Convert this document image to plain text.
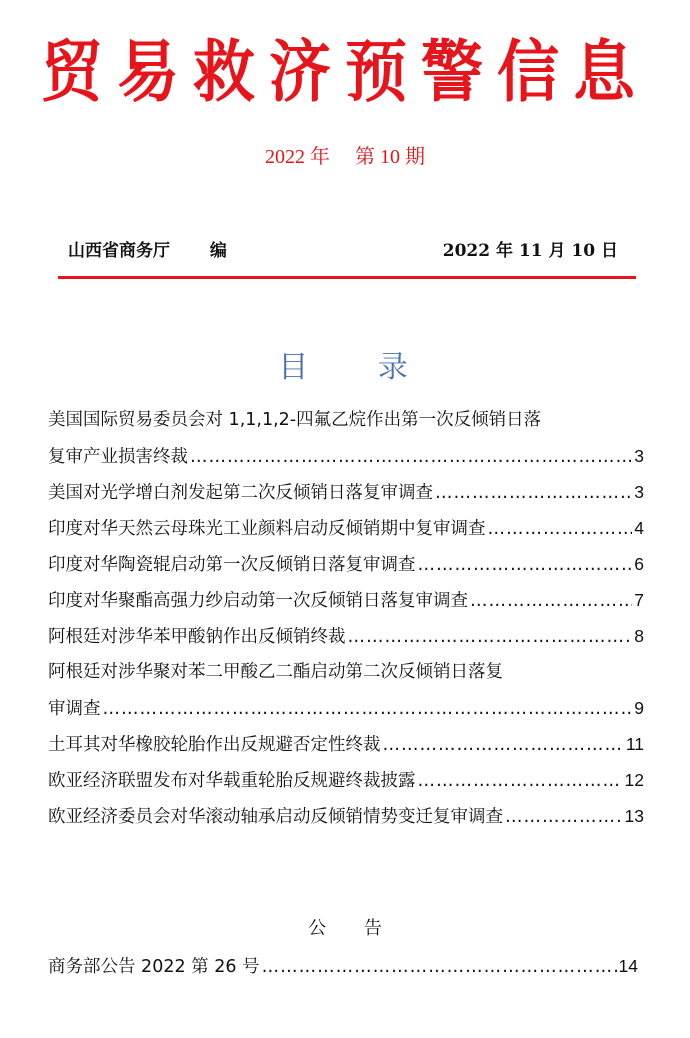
贸易救济预警信息
2022 年 第 10 期
山西省商务厅 编	2022 年 11 月 10 日
目 录
美国国际贸易委员会对 1,1,1,2-四氟乙烷作出第一次反倾销日落
复审产业损害终裁 ……………………………………………………………………………………………………………………………………………………	3
美国对光学增白剂发起第二次反倾销日落复审调查 ……………………………………………………………………………………………………………………………………………………	3
印度对华天然云母珠光工业颜料启动反倾销期中复审调查 ……………………………………………………………………………………………………………………………………………………	4
印度对华陶瓷辊启动第一次反倾销日落复审调查 ……………………………………………………………………………………………………………………………………………………	6
印度对华聚酯高强力纱启动第一次反倾销日落复审调查 ……………………………………………………………………………………………………………………………………………………	7
阿根廷对涉华苯甲酸钠作出反倾销终裁 ……………………………………………………………………………………………………………………………………………………	8
阿根廷对涉华聚对苯二甲酸乙二酯启动第二次反倾销日落复
审调查 ……………………………………………………………………………………………………………………………………………………	9
土耳其对华橡胶轮胎作出反规避否定性终裁 ……………………………………………………………………………………………………………………………………………………	11
欧亚经济联盟发布对华载重轮胎反规避终裁披露 ……………………………………………………………………………………………………………………………………………………	12
欧亚经济委员会对华滚动轴承启动反倾销情势变迁复审调查 ……………………………………………………………………………………………………………………………………………………	13
公 告
商务部公告 2022 第 26 号 ……………………………………………………………………………………………………………………………………………………	14
